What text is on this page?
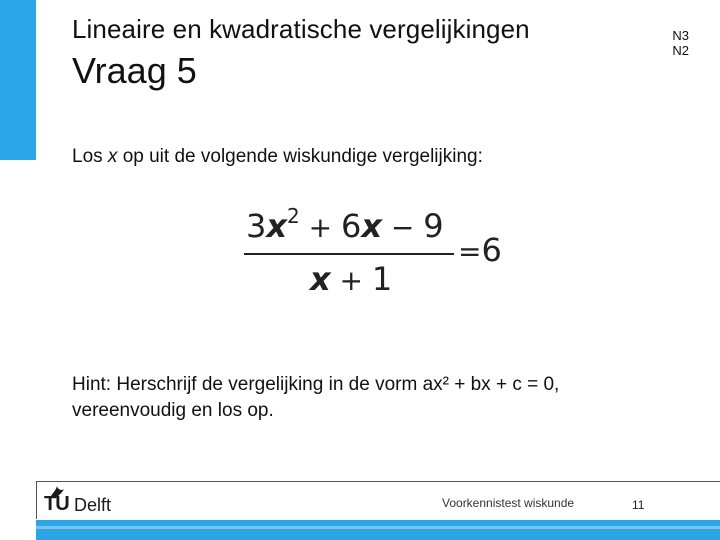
Lineaire en kwadratische vergelijkingen
Vraag 5
N3
N2
Los x op uit de volgende wiskundige vergelijking:
$3x^2 + 6x - 9$
x + 1
=6
Hint: Herschrijf de vergelijking in de vorm ax² + bx + c = 0,
vereenvoudig en los op.
TU Delft	Voorkennistest wiskunde	11
